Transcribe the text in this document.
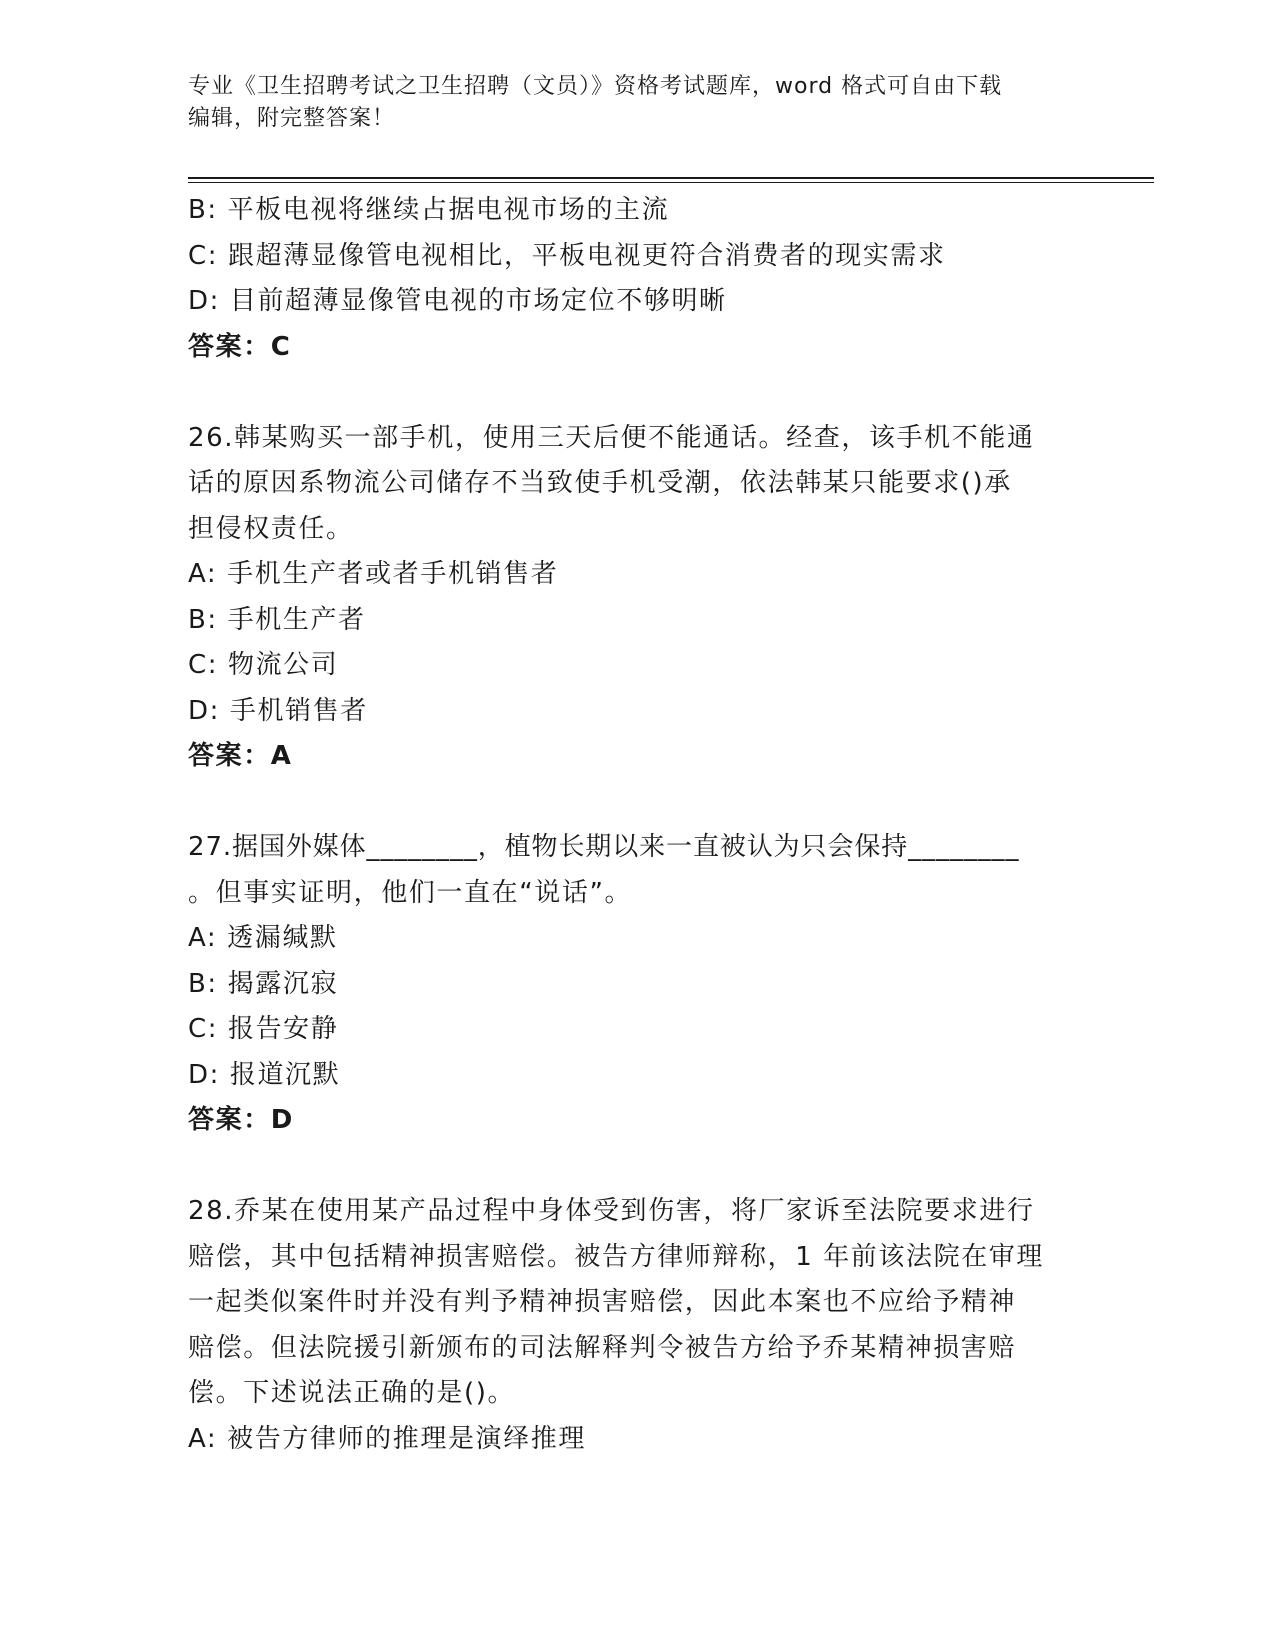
专业《卫生招聘考试之卫生招聘（文员）》资格考试题库，word 格式可自由下载
编辑，附完整答案！
B: 平板电视将继续占据电视市场的主流
C: 跟超薄显像管电视相比，平板电视更符合消费者的现实需求
D: 目前超薄显像管电视的市场定位不够明晰
答案：C
26.韩某购买一部手机，使用三天后便不能通话。经查，该手机不能通
话的原因系物流公司储存不当致使手机受潮，依法韩某只能要求()承
担侵权责任。
A: 手机生产者或者手机销售者
B: 手机生产者
C: 物流公司
D: 手机销售者
答案：A
27.据国外媒体________，植物长期以来一直被认为只会保持________
。但事实证明，他们一直在“说话”。
A: 透漏缄默
B: 揭露沉寂
C: 报告安静
D: 报道沉默
答案：D
28.乔某在使用某产品过程中身体受到伤害，将厂家诉至法院要求进行
赔偿，其中包括精神损害赔偿。被告方律师辩称，1 年前该法院在审理
一起类似案件时并没有判予精神损害赔偿，因此本案也不应给予精神
赔偿。但法院援引新颁布的司法解释判令被告方给予乔某精神损害赔
偿。下述说法正确的是()。
A: 被告方律师的推理是演绎推理
